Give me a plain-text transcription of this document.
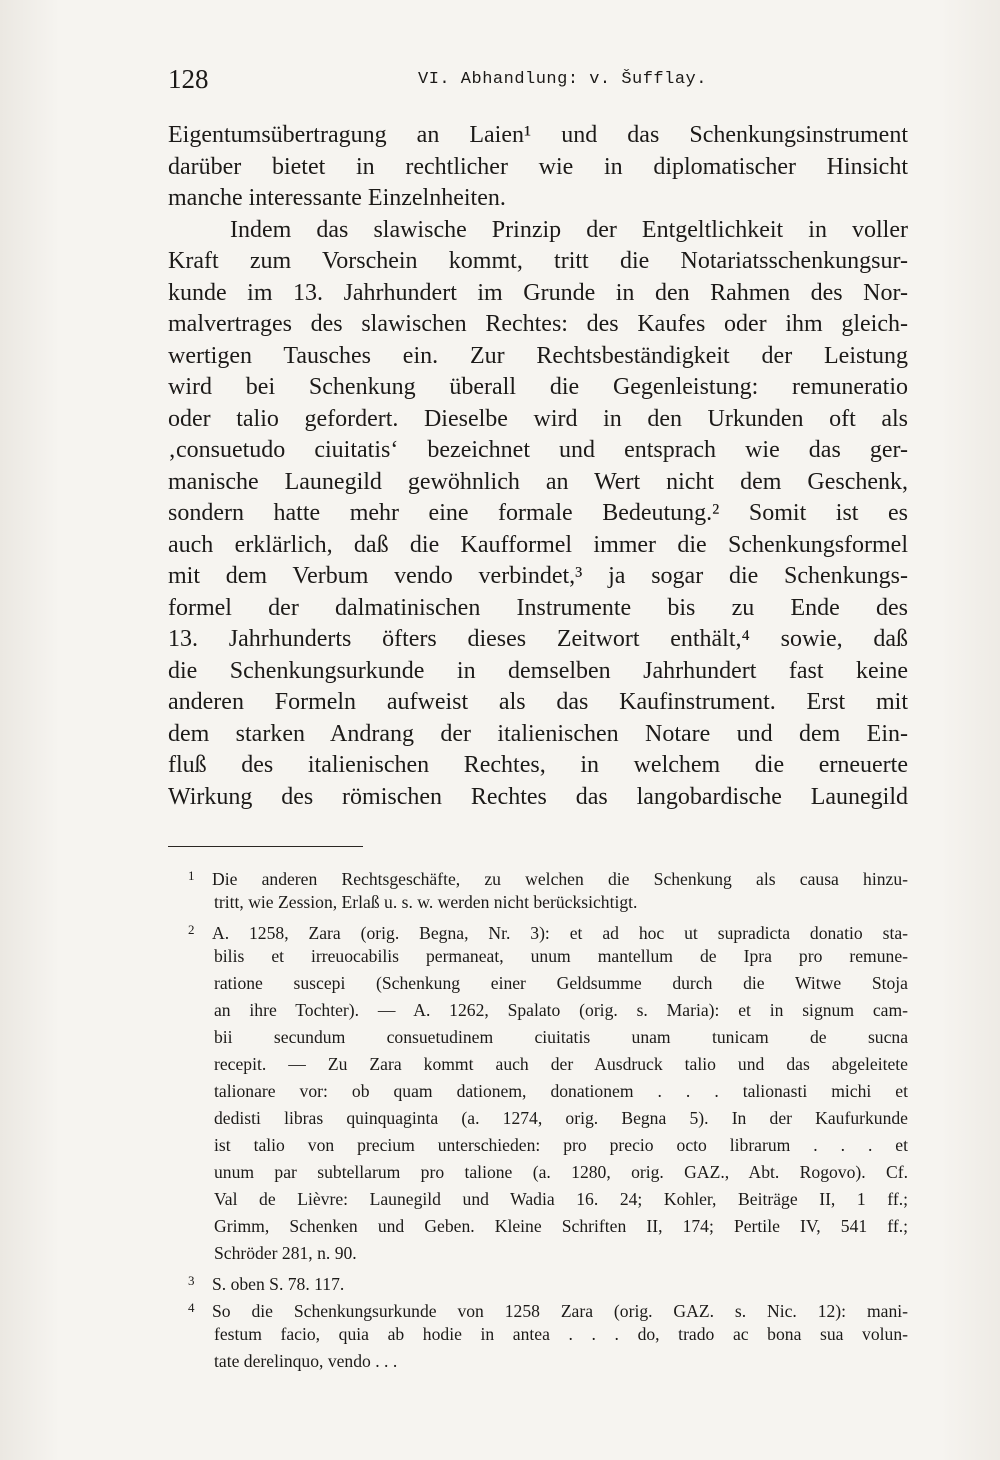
128	VI. Abhandlung: v. Šufflay.
Eigentumsübertragung an Laien¹ und das Schenkungsinstrument
darüber bietet in rechtlicher wie in diplomatischer Hinsicht
manche interessante Einzelnheiten.
Indem das slawische Prinzip der Entgeltlichkeit in voller
Kraft zum Vorschein kommt, tritt die Notariatsschenkungsur-
kunde im 13. Jahrhundert im Grunde in den Rahmen des Nor-
malvertrages des slawischen Rechtes: des Kaufes oder ihm gleich-
wertigen Tausches ein. Zur Rechtsbeständigkeit der Leistung
wird bei Schenkung überall die Gegenleistung: remuneratio
oder talio gefordert. Dieselbe wird in den Urkunden oft als
‚consuetudo ciuitatis‘ bezeichnet und entsprach wie das ger-
manische Launegild gewöhnlich an Wert nicht dem Geschenk,
sondern hatte mehr eine formale Bedeutung.² Somit ist es
auch erklärlich, daß die Kaufformel immer die Schenkungsformel
mit dem Verbum vendo verbindet,³ ja sogar die Schenkungs-
formel der dalmatinischen Instrumente bis zu Ende des
13. Jahrhunderts öfters dieses Zeitwort enthält,⁴ sowie, daß
die Schenkungsurkunde in demselben Jahrhundert fast keine
anderen Formeln aufweist als das Kaufinstrument. Erst mit
dem starken Andrang der italienischen Notare und dem Ein-
fluß des italienischen Rechtes, in welchem die erneuerte
Wirkung des römischen Rechtes das langobardische Launegild
1 Die anderen Rechtsgeschäfte, zu welchen die Schenkung als causa hinzu-
tritt, wie Zession, Erlaß u. s. w. werden nicht berücksichtigt.
2 A. 1258, Zara (orig. Begna, Nr. 3): et ad hoc ut supradicta donatio sta-
bilis et irreuocabilis permaneat, unum mantellum de Ipra pro remune-
ratione suscepi (Schenkung einer Geldsumme durch die Witwe Stoja
an ihre Tochter). — A. 1262, Spalato (orig. s. Maria): et in signum cam-
bii secundum consuetudinem ciuitatis unam tunicam de sucna
recepit. — Zu Zara kommt auch der Ausdruck talio und das abgeleitete
talionare vor: ob quam dationem, donationem . . . talionasti michi et
dedisti libras quinquaginta (a. 1274, orig. Begna 5). In der Kaufurkunde
ist talio von precium unterschieden: pro precio octo librarum . . . et
unum par subtellarum pro talione (a. 1280, orig. GAZ., Abt. Rogovo). Cf.
Val de Lièvre: Launegild und Wadia 16. 24; Kohler, Beiträge II, 1 ff.;
Grimm, Schenken und Geben. Kleine Schriften II, 174; Pertile IV, 541 ff.;
Schröder 281, n. 90.
3 S. oben S. 78. 117.
4 So die Schenkungsurkunde von 1258 Zara (orig. GAZ. s. Nic. 12): mani-
festum facio, quia ab hodie in antea . . . do, trado ac bona sua volun-
tate derelinquo, vendo . . .
